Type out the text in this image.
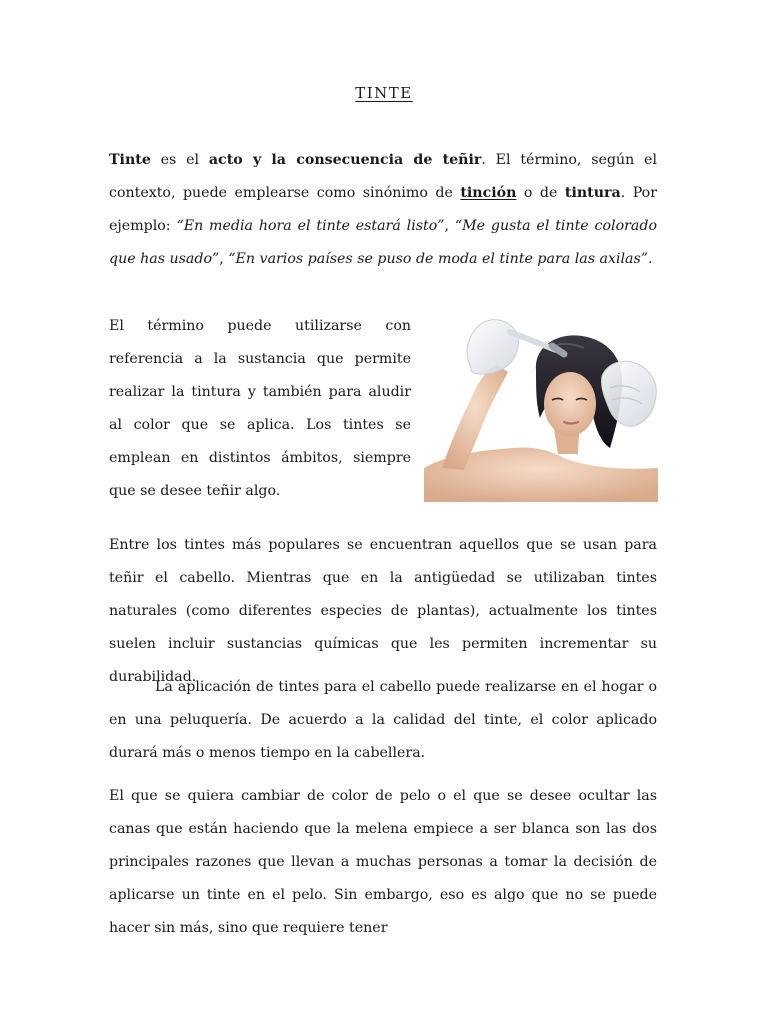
TINTE
Tinte es el acto y la consecuencia de teñir. El término, según el contexto, puede emplearse como sinónimo de tinción o de tintura. Por ejemplo: “En media hora el tinte estará listo”, “Me gusta el tinte colorado que has usado”, “En varios países se puso de moda el tinte para las axilas”.
El término puede utilizarse con referencia a la sustancia que permite realizar la tintura y también para aludir al color que se aplica. Los tintes se emplean en distintos ámbitos, siempre que se desee teñir algo.
Entre los tintes más populares se encuentran aquellos que se usan para teñir el cabello. Mientras que en la antigüedad se utilizaban tintes naturales (como diferentes especies de plantas), actualmente los tintes suelen incluir sustancias químicas que les permiten incrementar su durabilidad.
La aplicación de tintes para el cabello puede realizarse en el hogar o en una peluquería. De acuerdo a la calidad del tinte, el color aplicado durará más o menos tiempo en la cabellera.
El que se quiera cambiar de color de pelo o el que se desee ocultar las canas que están haciendo que la melena empiece a ser blanca son las dos principales razones que llevan a muchas personas a tomar la decisión de aplicarse un tinte en el pelo. Sin embargo, eso es algo que no se puede hacer sin más, sino que requiere tener
